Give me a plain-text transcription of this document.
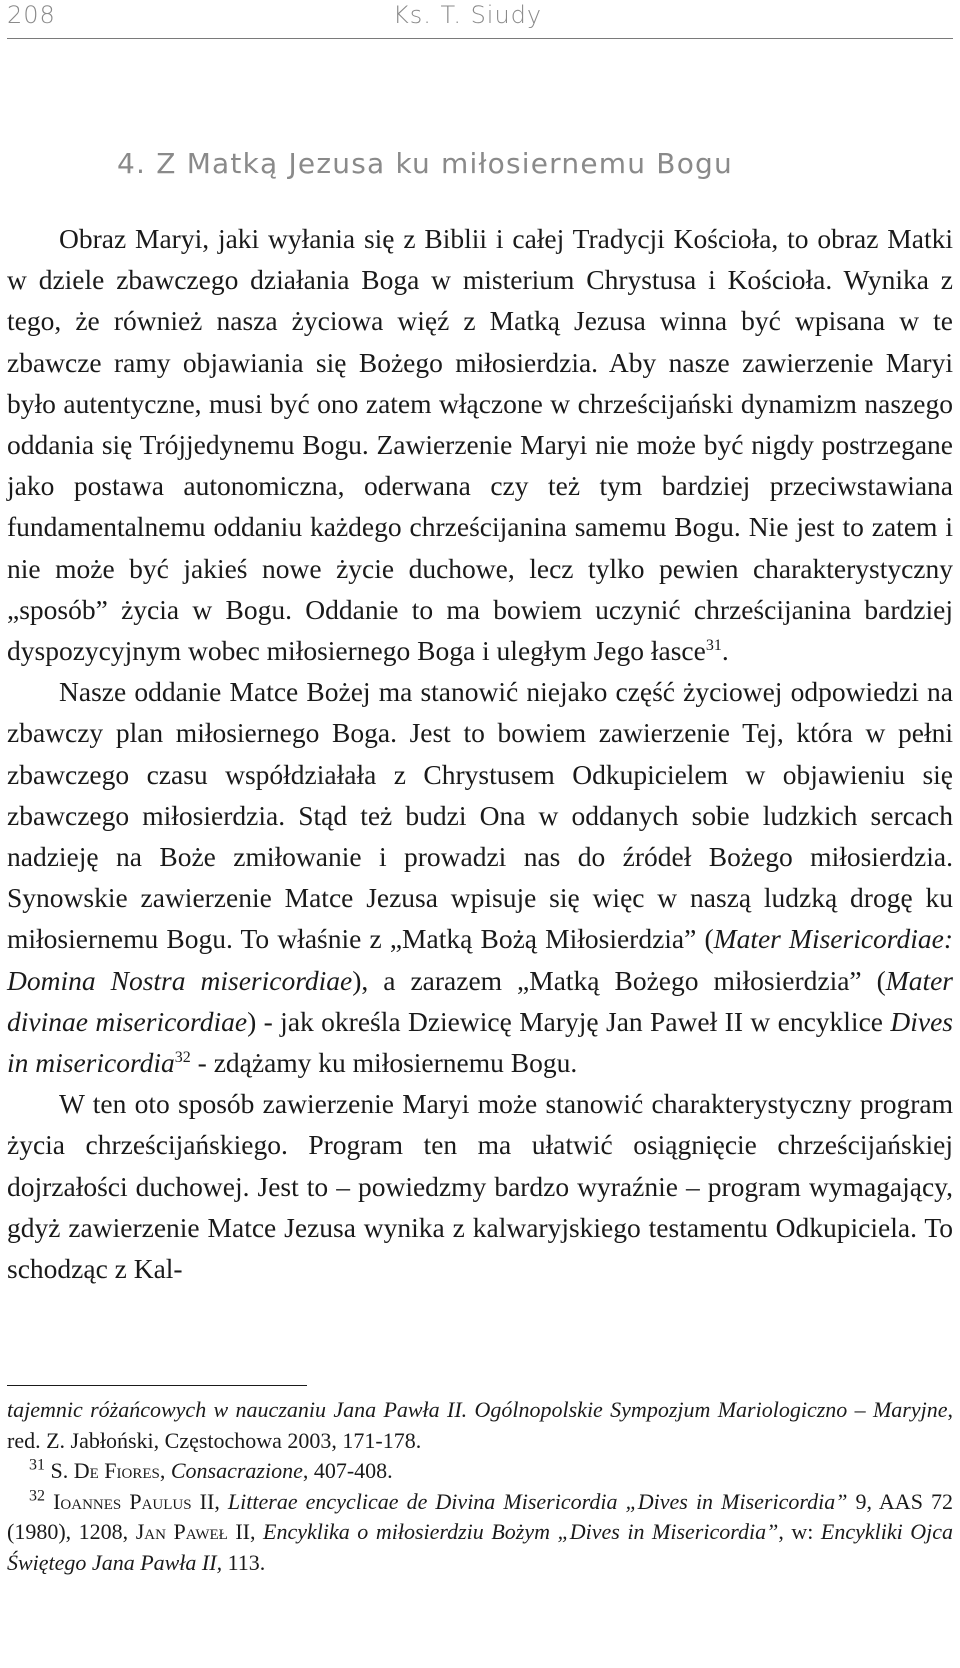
208	Ks. T. Siudy
4. Z Matką Jezusa ku miłosiernemu Bogu

Obraz Maryi, jaki wyłania się z Biblii i całej Tradycji Kościoła, to obraz Matki w dziele zbawczego działania Boga w misterium Chrystusa i Kościoła. Wynika z tego, że również nasza życiowa więź z Matką Jezusa winna być wpisana w te zbawcze ramy objawiania się Bożego miłosierdzia. Aby nasze zawierzenie Maryi było autentyczne, musi być ono zatem włączone w chrześcijański dynamizm naszego oddania się Trójjedynemu Bogu. Zawierzenie Maryi nie może być nigdy postrzegane jako postawa autonomiczna, oderwana czy też tym bardziej przeciwstawiana fundamentalnemu oddaniu każdego chrześcijanina samemu Bogu. Nie jest to zatem i nie może być jakieś nowe życie duchowe, lecz tylko pewien charakterystyczny „sposób” życia w Bogu. Oddanie to ma bowiem uczynić chrześcijanina bardziej dyspozycyjnym wobec miłosiernego Boga i uległym Jego łasce$^{31}$.

Nasze oddanie Matce Bożej ma stanowić niejako część życiowej odpowiedzi na zbawczy plan miłosiernego Boga. Jest to bowiem zawierzenie Tej, która w pełni zbawczego czasu współdziałała z Chrystusem Odkupicielem w objawieniu się zbawczego miłosierdzia. Stąd też budzi Ona w oddanych sobie ludzkich sercach nadzieję na Boże zmiłowanie i prowadzi nas do źródeł Bożego miłosierdzia. Synowskie zawierzenie Matce Jezusa wpisuje się więc w naszą ludzką drogę ku miłosiernemu Bogu. To właśnie z „Matką Bożą Miłosierdzia” (Mater Misericordiae: Domina Nostra misericordiae), a zarazem „Matką Bożego miłosierdzia” (Mater divinae misericordiae) - jak określa Dziewicę Maryję Jan Paweł II w encyklice Dives in misericordia$^{32}$ - zdążamy ku miłosiernemu Bogu.

W ten oto sposób zawierzenie Maryi może stanowić charakterystyczny program życia chrześcijańskiego. Program ten ma ułatwić osiągnięcie chrześcijańskiej dojrzałości duchowej. Jest to – powiedzmy bardzo wyraźnie – program wymagający, gdyż zawierzenie Matce Jezusa wynika z kalwaryjskiego testamentu Odkupiciela. To schodząc z Kal-

tajemnic różańcowych w nauczaniu Jana Pawła II. Ogólnopolskie Sympozjum Mariologiczno – Maryjne, red. Z. Jabłoński, Częstochowa 2003, 171-178.

$^{31}$ S. De Fiores, Consacrazione, 407-408.

$^{32}$ Ioannes Paulus II, Litterae encyclicae de Divina Misericordia „Dives in Misericordia” 9, AAS 72 (1980), 1208, Jan Paweł II, Encyklika o miłosierdziu Bożym „Dives in Misericordia”, w: Encykliki Ojca Świętego Jana Pawła II, 113.
